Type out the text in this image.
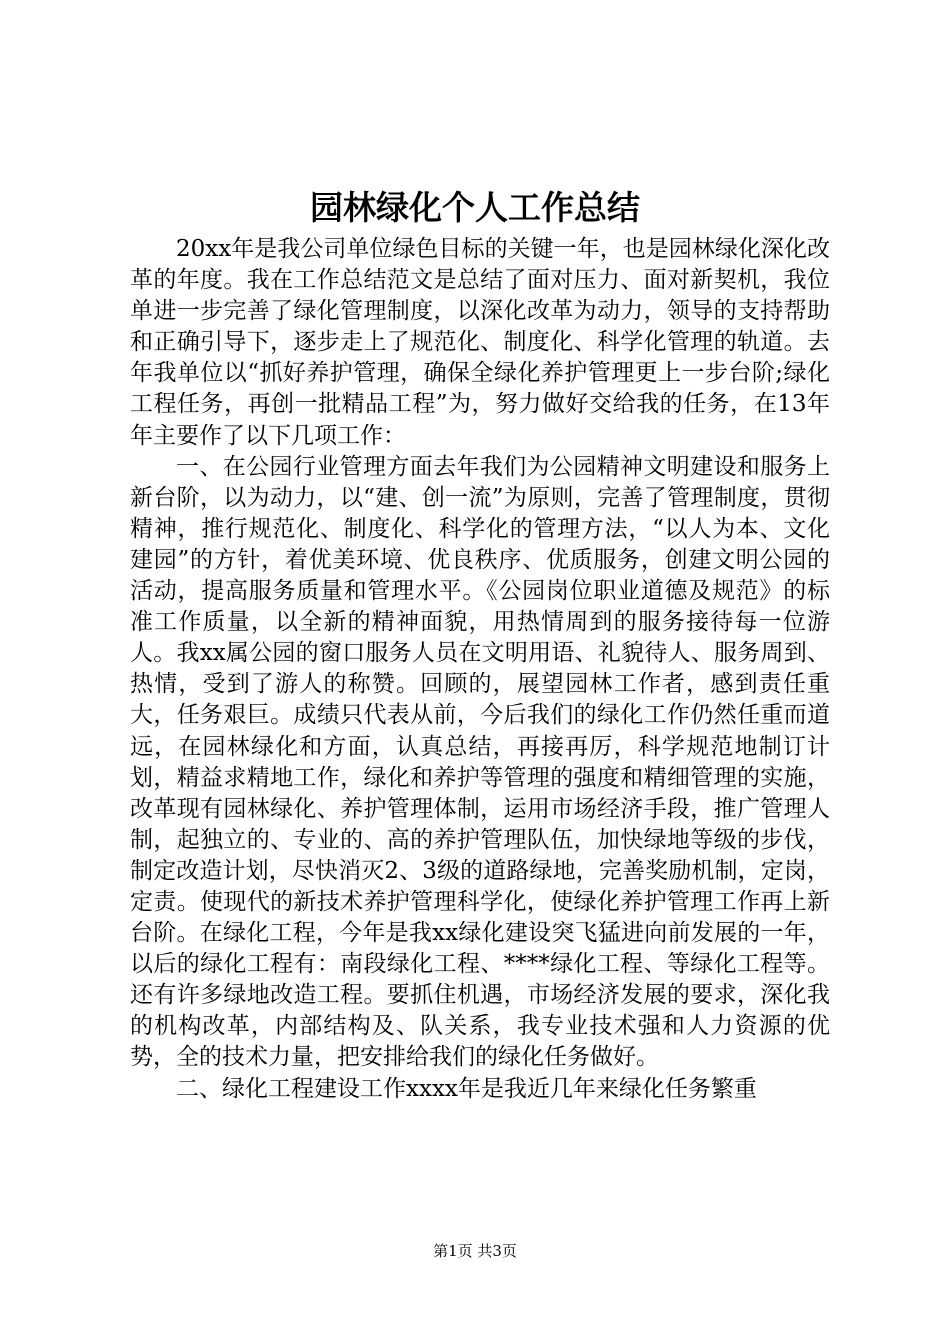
园林绿化个人工作总结

20xx年是我公司单位绿色目标的关键一年，也是园林绿化深化改革的年度。我在工作总结范文是总结了面对压力、面对新契机，我位单进一步完善了绿化管理制度，以深化改革为动力，领导的支持帮助和正确引导下，逐步走上了规范化、制度化、科学化管理的轨道。去年我单位以“抓好养护管理，确保全绿化养护管理更上一步台阶;绿化工程任务，再创一批精品工程”为，努力做好交给我的任务，在13年年主要作了以下几项工作：

一、在公园行业管理方面去年我们为公园精神文明建设和服务上新台阶，以为动力，以“建、创一流”为原则，完善了管理制度，贯彻精神，推行规范化、制度化、科学化的管理方法，“以人为本、文化建园”的方针，着优美环境、优良秩序、优质服务，创建文明公园的活动，提高服务质量和管理水平。《公园岗位职业道德及规范》的标准工作质量，以全新的精神面貌，用热情周到的服务接待每一位游人。我xx属公园的窗口服务人员在文明用语、礼貌待人、服务周到、热情，受到了游人的称赞。回顾的，展望园林工作者，感到责任重大，任务艰巨。成绩只代表从前，今后我们的绿化工作仍然任重而道远，在园林绿化和方面，认真总结，再接再厉，科学规范地制订计划，精益求精地工作，绿化和养护等管理的强度和精细管理的实施，改革现有园林绿化、养护管理体制，运用市场经济手段，推广管理人制，起独立的、专业的、高的养护管理队伍，加快绿地等级的步伐，制定改造计划，尽快消灭2、3级的道路绿地，完善奖励机制，定岗，定责。使现代的新技术养护管理科学化，使绿化养护管理工作再上新台阶。在绿化工程，今年是我xx绿化建设突飞猛进向前发展的一年，以后的绿化工程有：南段绿化工程、****绿化工程、等绿化工程等。还有许多绿地改造工程。要抓住机遇，市场经济发展的要求，深化我的机构改革，内部结构及、队关系，我专业技术强和人力资源的优势，全的技术力量，把安排给我们的绿化任务做好。

二、绿化工程建设工作xxxx年是我近几年来绿化任务繁重

第1页 共3页
